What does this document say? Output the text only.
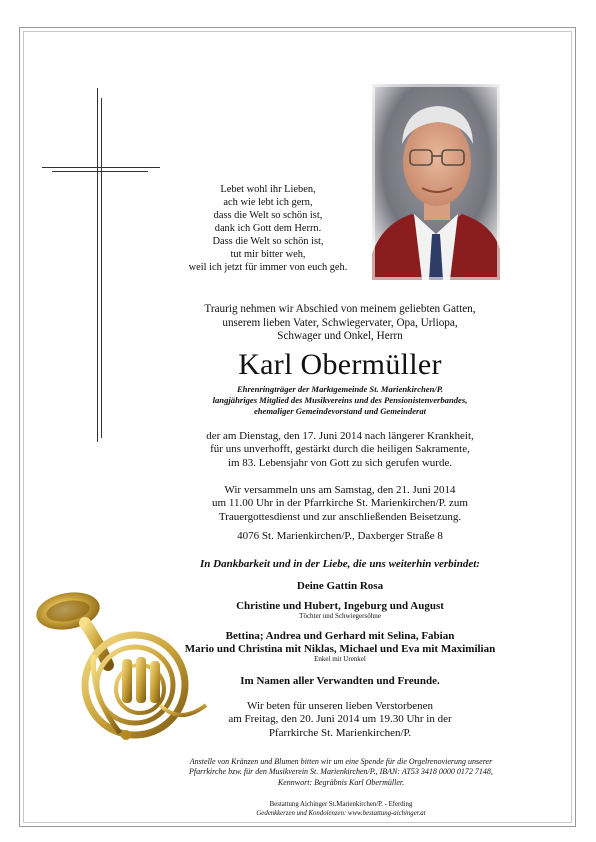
Lebet wohl ihr Lieben,
ach wie lebt ich gern,
dass die Welt so schön ist,
dank ich Gott dem Herrn.
Dass die Welt so schön ist,
tut mir bitter weh,
weil ich jetzt für immer von euch geh.
Traurig nehmen wir Abschied von meinem geliebten Gatten,
unserem lieben Vater, Schwiegervater, Opa, Urliopa,
Schwager und Onkel, Herrn
Karl Obermüller
Ehrenringträger der Marktgemeinde St. Marienkirchen/P.
langjähriges Mitglied des Musikvereins und des Pensionistenverbandes,
ehemaliger Gemeindevorstand und Gemeinderat
der am Dienstag, den 17. Juni 2014 nach längerer Krankheit,
für uns unverhofft, gestärkt durch die heiligen Sakramente,
im 83. Lebensjahr von Gott zu sich gerufen wurde.
Wir versammeln uns am Samstag, den 21. Juni 2014
um 11.00 Uhr in der Pfarrkirche St. Marienkirchen/P. zum
Trauergottesdienst und zur anschließenden Beisetzung.
4076 St. Marienkirchen/P., Daxberger Straße 8
In Dankbarkeit und in der Liebe, die uns weiterhin verbindet:
Deine Gattin Rosa
Christine und Hubert, Ingeburg und August
Töchter und Schwiegersöhne
Bettina; Andrea und Gerhard mit Selina, Fabian
Mario und Christina mit Niklas, Michael und Eva mit Maximilian
Enkel mit Urenkel
Im Namen aller Verwandten und Freunde.
Wir beten für unseren lieben Verstorbenen
am Freitag, den 20. Juni 2014 um 19.30 Uhr in der
Pfarrkirche St. Marienkirchen/P.
Anstelle von Kränzen und Blumen bitten wir um eine Spende für die Orgelrenovierung unserer
Pfarrkirche bzw. für den Musikverein St. Marienkirchen/P., IBAN: AT53 3418 0000 0172 7148,
Kennwort: Begräbnis Karl Obermüller.
Bestattung Aichinger St.Marienkirchen/P. - Eferding
Gedenkkerzen und Kondolenzen: www.bestattung-aichinger.at
